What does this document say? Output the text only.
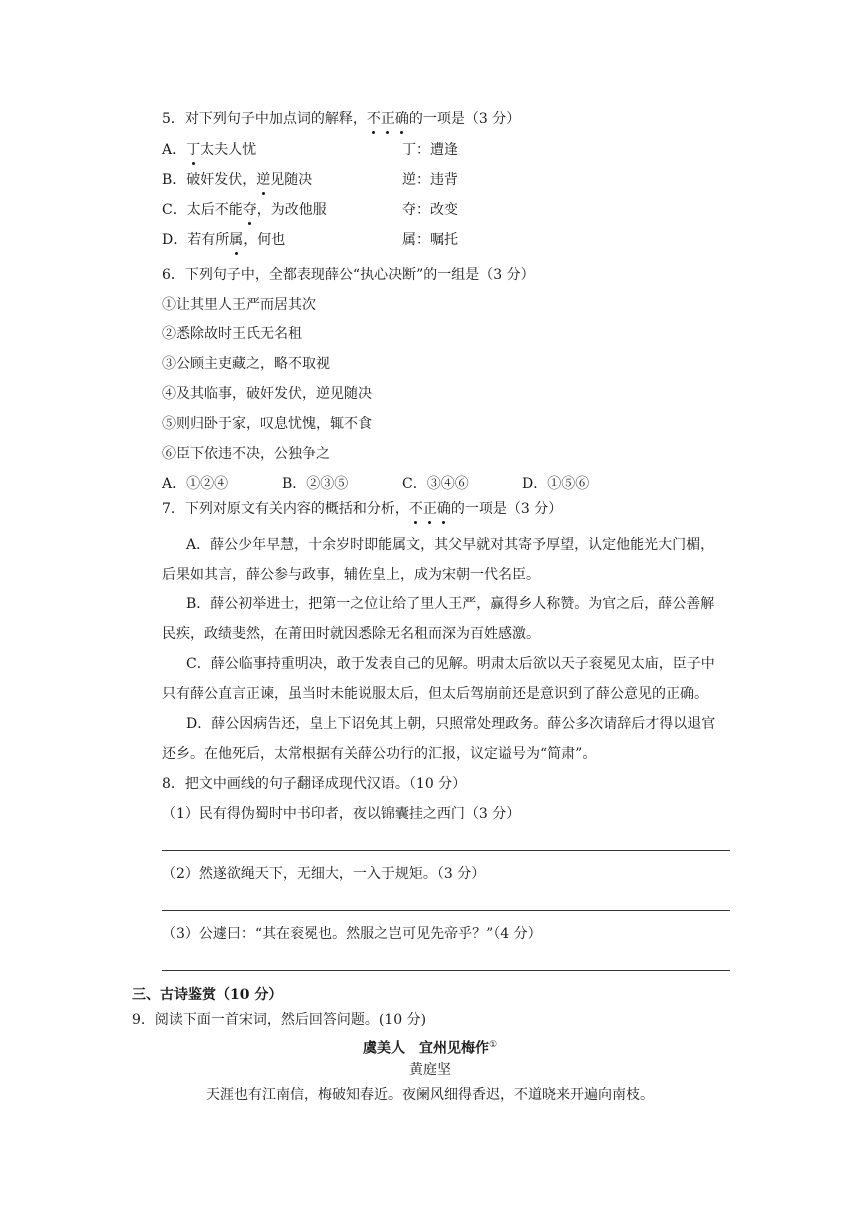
5．对下列句子中加点词的解释，不正确的一项是（3 分）
A．丁太夫人忧	丁：遭逢
B．破奸发伏，逆见随决	逆：违背
C．太后不能夺，为改他服	夺：改变
D．若有所属，何也	属：嘱托
6．下列句子中，全都表现薛公“执心决断”的一组是（3 分）
①让其里人王严而居其次
②悉除故时王氏无名租
③公顾主吏藏之，略不取视
④及其临事，破奸发伏，逆见随决
⑤则归卧于家，叹息忧愧，辄不食
⑥臣下依违不决，公独争之
A．①②④	B．②③⑤	C．③④⑥	D．①⑤⑥
7．下列对原文有关内容的概括和分析，不正确的一项是（3 分）
A．薛公少年早慧，十余岁时即能属文，其父早就对其寄予厚望，认定他能光大门楣，
后果如其言，薛公参与政事，辅佐皇上，成为宋朝一代名臣。
B．薛公初举进士，把第一之位让给了里人王严，赢得乡人称赞。为官之后，薛公善解
民疾，政绩斐然，在莆田时就因悉除无名租而深为百姓感激。
C．薛公临事持重明决，敢于发表自己的见解。明肃太后欲以天子衮冕见太庙，臣子中
只有薛公直言正谏，虽当时未能说服太后，但太后驾崩前还是意识到了薛公意见的正确。
D．薛公因病告还，皇上下诏免其上朝，只照常处理政务。薛公多次请辞后才得以退官
还乡。在他死后，太常根据有关薛公功行的汇报，议定谥号为“简肃”。
8．把文中画线的句子翻译成现代汉语。（10 分）
（1）民有得伪蜀时中书印者，夜以锦囊挂之西门（3 分）
（2）然遂欲绳天下，无细大，一入于规矩。（3 分）
（3）公遽曰：“其在衮冕也。然服之岂可见先帝乎？”（4 分）
三、古诗鉴赏（10 分）
9．阅读下面一首宋词，然后回答问题。(10 分)
虞美人　宜州见梅作①
黄庭坚
天涯也有江南信，梅破知春近。夜阑风细得香迟，不道晓来开遍向南枝。
